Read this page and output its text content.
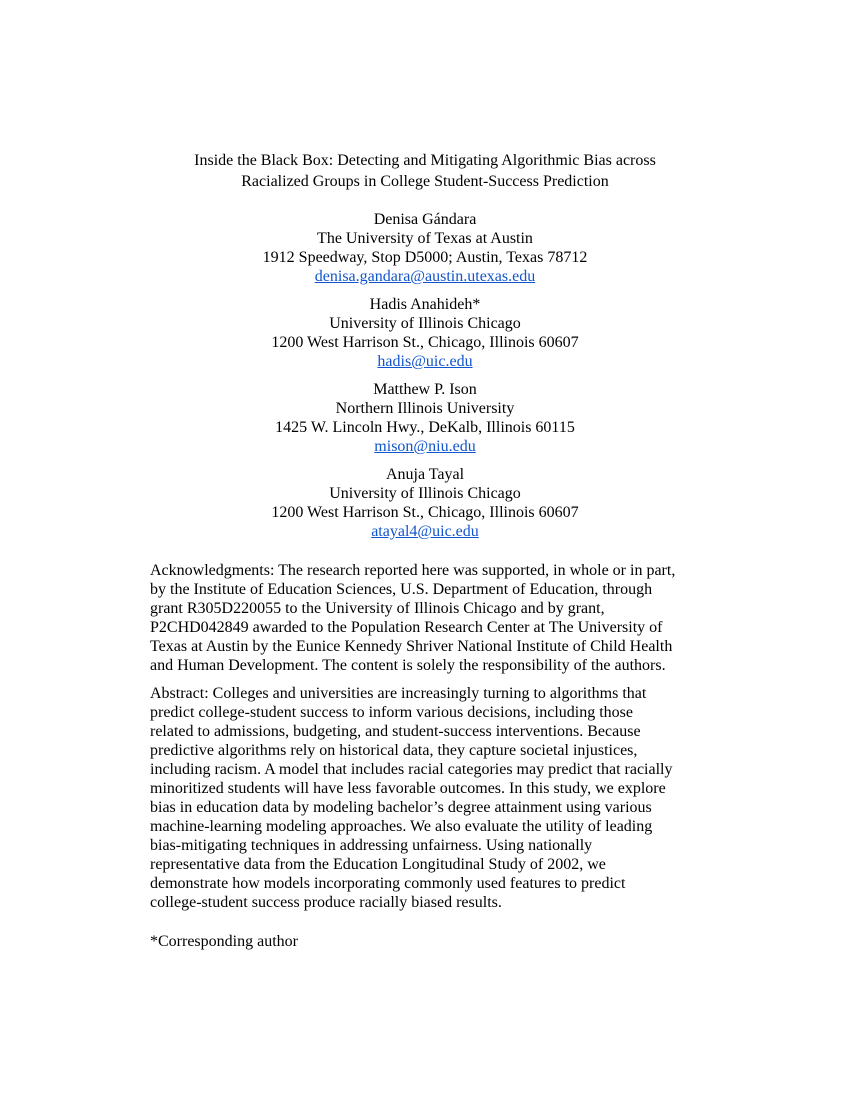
Inside the Black Box: Detecting and Mitigating Algorithmic Bias across
Racialized Groups in College Student-Success Prediction
Denisa Gándara
The University of Texas at Austin
1912 Speedway, Stop D5000; Austin, Texas 78712
denisa.gandara@austin.utexas.edu
Hadis Anahideh*
University of Illinois Chicago
1200 West Harrison St., Chicago, Illinois 60607
hadis@uic.edu
Matthew P. Ison
Northern Illinois University
1425 W. Lincoln Hwy., DeKalb, Illinois 60115
mison@niu.edu
Anuja Tayal
University of Illinois Chicago
1200 West Harrison St., Chicago, Illinois 60607
atayal4@uic.edu
Acknowledgments: The research reported here was supported, in whole or in part,
by the Institute of Education Sciences, U.S. Department of Education, through
grant R305D220055 to the University of Illinois Chicago and by grant,
P2CHD042849 awarded to the Population Research Center at The University of
Texas at Austin by the Eunice Kennedy Shriver National Institute of Child Health
and Human Development. The content is solely the responsibility of the authors.
Abstract: Colleges and universities are increasingly turning to algorithms that
predict college-student success to inform various decisions, including those
related to admissions, budgeting, and student-success interventions. Because
predictive algorithms rely on historical data, they capture societal injustices,
including racism. A model that includes racial categories may predict that racially
minoritized students will have less favorable outcomes. In this study, we explore
bias in education data by modeling bachelor’s degree attainment using various
machine-learning modeling approaches. We also evaluate the utility of leading
bias-mitigating techniques in addressing unfairness. Using nationally
representative data from the Education Longitudinal Study of 2002, we
demonstrate how models incorporating commonly used features to predict
college-student success produce racially biased results.
*Corresponding author
